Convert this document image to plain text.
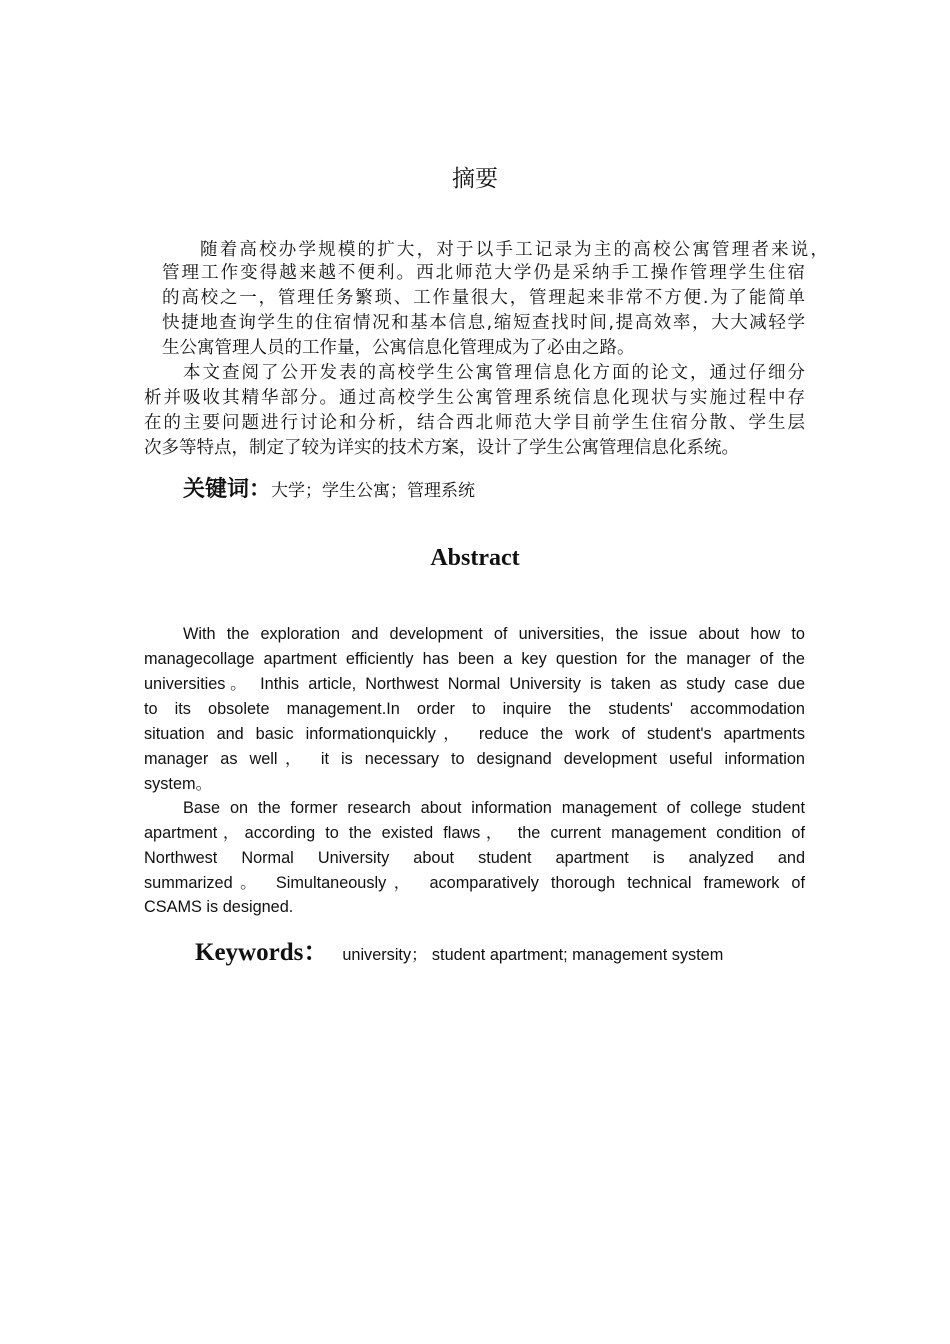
摘要
随着高校办学规模的扩大，对于以手工记录为主的高校公寓管理者来说，
管理工作变得越来越不便利。西北师范大学仍是采纳手工操作管理学生住宿
的高校之一，管理任务繁琐、工作量很大，管理起来非常不方便.为了能简单
快捷地查询学生的住宿情况和基本信息,缩短查找时间,提高效率，大大减轻学
生公寓管理人员的工作量，公寓信息化管理成为了必由之路。
本文查阅了公开发表的高校学生公寓管理信息化方面的论文，通过仔细分
析并吸收其精华部分。通过高校学生公寓管理系统信息化现状与实施过程中存
在的主要问题进行讨论和分析，结合西北师范大学目前学生住宿分散、学生层
次多等特点，制定了较为详实的技术方案，设计了学生公寓管理信息化系统。
关键词：大学；学生公寓；管理系统
Abstract
With the exploration and development of universities, the issue about how to
managecollage apartment efficiently has been a key question for the manager of the
universities。 Inthis article, Northwest Normal University is taken as study case due
to its obsolete management.In order to inquire the students' accommodation
situation and basic informationquickly， reduce the work of student's apartments
manager as well， it is necessary to designand development useful information
system。
Base on the former research about information management of college student
apartment，according to the existed flaws， the current management condition of
Northwest Normal University about student apartment is analyzed and
summarized。 Simultaneously， acomparatively thorough technical framework of
CSAMS is designed.
Keywords： university； student apartment; management system
